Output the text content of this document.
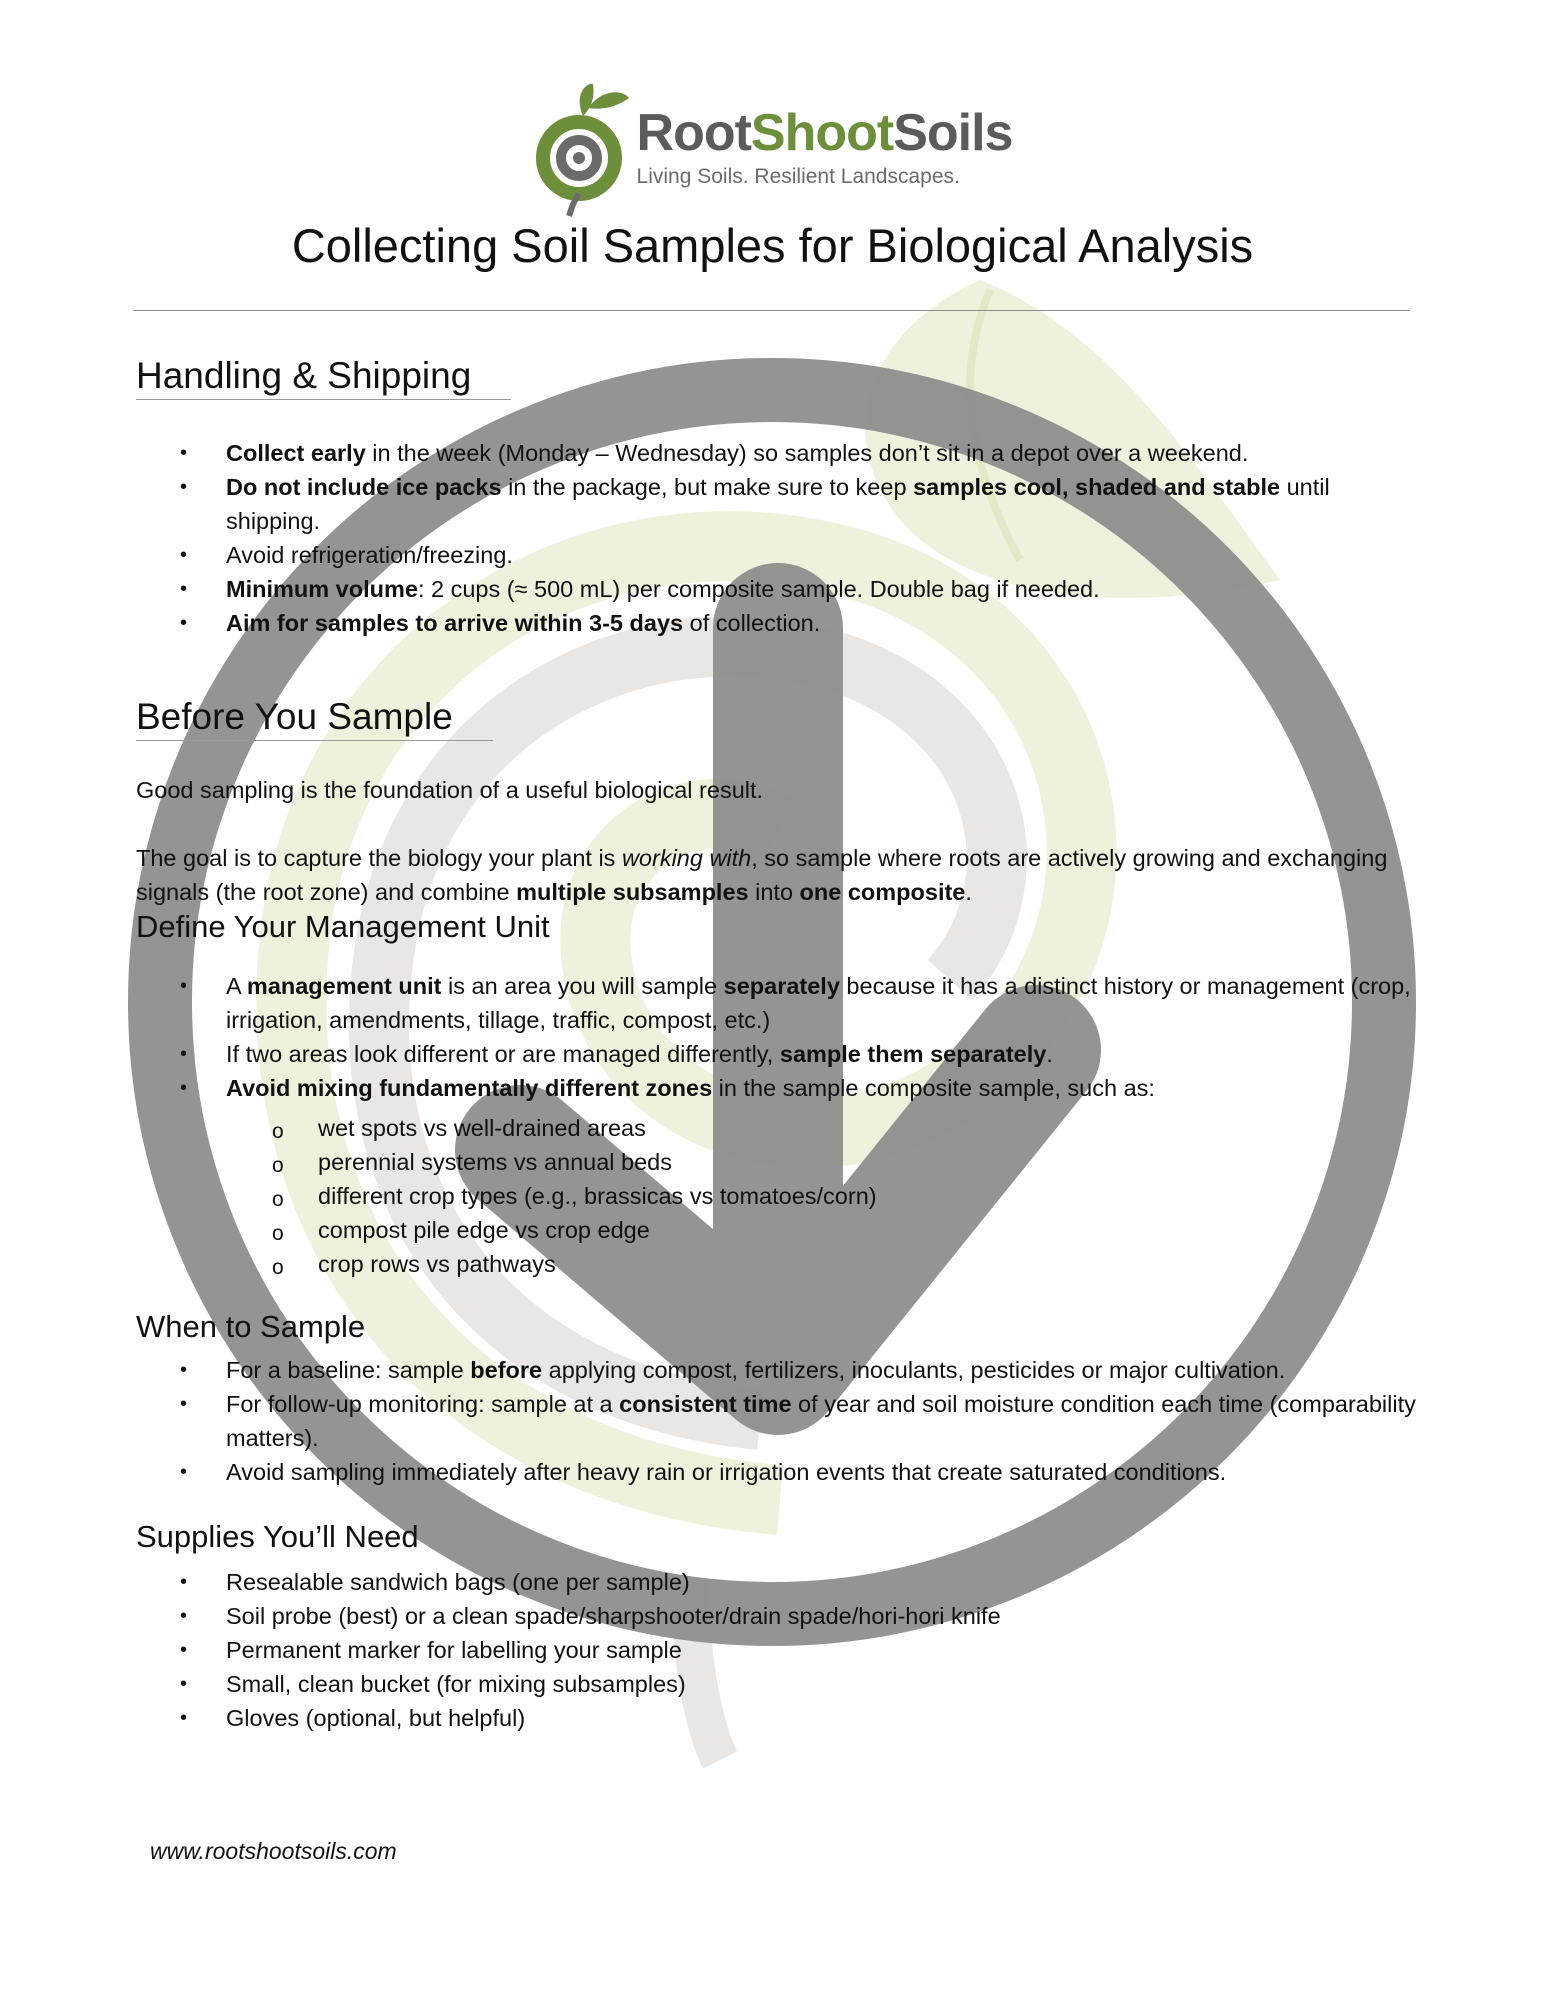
RootShootSoils
Living Soils. Resilient Landscapes.
Collecting Soil Samples for Biological Analysis
Handling & Shipping
• Collect early in the week (Monday – Wednesday) so samples don’t sit in a depot over a weekend.
• Do not include ice packs in the package, but make sure to keep samples cool, shaded and stable until shipping.
• Avoid refrigeration/freezing.
• Minimum volume: 2 cups (≈ 500 mL) per composite sample. Double bag if needed.
• Aim for samples to arrive within 3-5 days of collection.
Before You Sample

Good sampling is the foundation of a useful biological result.

The goal is to capture the biology your plant is working with, so sample where roots are actively growing and exchanging signals (the root zone) and combine multiple subsamples into one composite.

Define Your Management Unit
• A management unit is an area you will sample separately because it has a distinct history or management (crop, irrigation, amendments, tillage, traffic, compost, etc.)
• If two areas look different or are managed differently, sample them separately.
• Avoid mixing fundamentally different zones in the sample composite sample, such as:
o wet spots vs well-drained areas
o perennial systems vs annual beds
o different crop types (e.g., brassicas vs tomatoes/corn)
o compost pile edge vs crop edge
o crop rows vs pathways
When to Sample
• For a baseline: sample before applying compost, fertilizers, inoculants, pesticides or major cultivation.
• For follow-up monitoring: sample at a consistent time of year and soil moisture condition each time (comparability matters).
• Avoid sampling immediately after heavy rain or irrigation events that create saturated conditions.
Supplies You’ll Need
• Resealable sandwich bags (one per sample)
• Soil probe (best) or a clean spade/sharpshooter/drain spade/hori-hori knife
• Permanent marker for labelling your sample
• Small, clean bucket (for mixing subsamples)
• Gloves (optional, but helpful)
www.rootshootsoils.com
